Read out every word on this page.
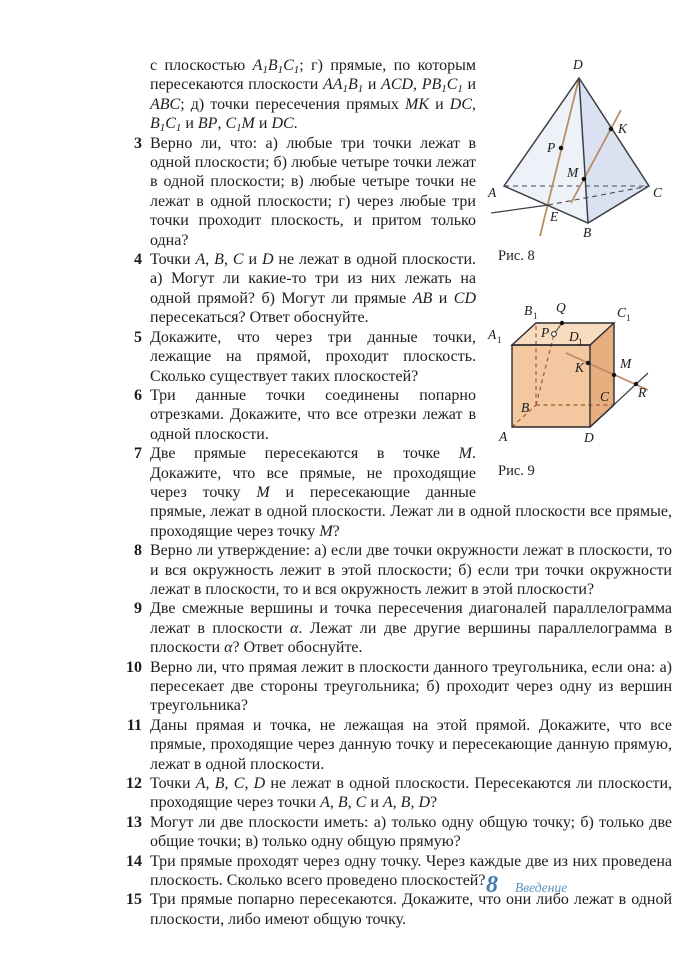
D
A
B
C
E
P
M
K
Рис. 8
A
B
C
D
A 1
B 1	C 1
D 1
P
Q
K	M
R
Рис. 9

с плоскостью $A_1B_1C_1$; г) прямые, по которым пересекаются плоскости $AA_1B_1$ и ACD, $PB_1C_1$ и ABC; д) точки пересечения прямых MK и DC, $B_1C_1$ и BP, $C_1M$ и DC.

3 Верно ли, что: а) любые три точки лежат в одной плоскости; б) любые четыре точки лежат в одной плоскости; в) любые четыре точки не лежат в одной плоскости; г) через любые три точки проходит плоскость, и притом только одна?
4 Точки A, B, C и D не лежат в одной плоскости. а) Могут ли какие-то три из них лежать на одной прямой? б) Могут ли прямые AB и CD пересекаться? Ответ обоснуйте.
5 Докажите, что через три данные точки, лежащие на прямой, проходит плоскость. Сколько существует таких плоскостей?
6 Три данные точки соединены попарно отрезками. Докажите, что все отрезки лежат в одной плоскости.
7 Две прямые пересекаются в точке M. Докажите, что все прямые, не проходящие через точку M и пересекающие данные прямые, лежат в одной плоскости. Лежат ли в одной плоскости все прямые, проходящие через точку M?
8 Верно ли утверждение: а) если две точки окружности лежат в плоскости, то и вся окружность лежит в этой плоскости; б) если три точки окружности лежат в плоскости, то и вся окружность лежит в этой плоскости?
9 Две смежные вершины и точка пересечения диагоналей параллелограмма лежат в плоскости α. Лежат ли две другие вершины параллелограмма в плоскости α? Ответ обоснуйте.
10 Верно ли, что прямая лежит в плоскости данного треугольника, если она: а) пересекает две стороны треугольника; б) проходит через одну из вершин треугольника?
11 Даны прямая и точка, не лежащая на этой прямой. Докажите, что все прямые, проходящие через данную точку и пересекающие данную прямую, лежат в одной плоскости.
12 Точки A, B, C, D не лежат в одной плоскости. Пересекаются ли плоскости, проходящие через точки A, B, C и A, B, D?
13 Могут ли две плоскости иметь: а) только одну общую точку; б) только две общие точки; в) только одну общую прямую?
14 Три прямые проходят через одну точку. Через каждые две из них проведена плоскость. Сколько всего проведено плоскостей?
15 Три прямые попарно пересекаются. Докажите, что они либо лежат в одной плоскости, либо имеют общую точку.
8 Введение
